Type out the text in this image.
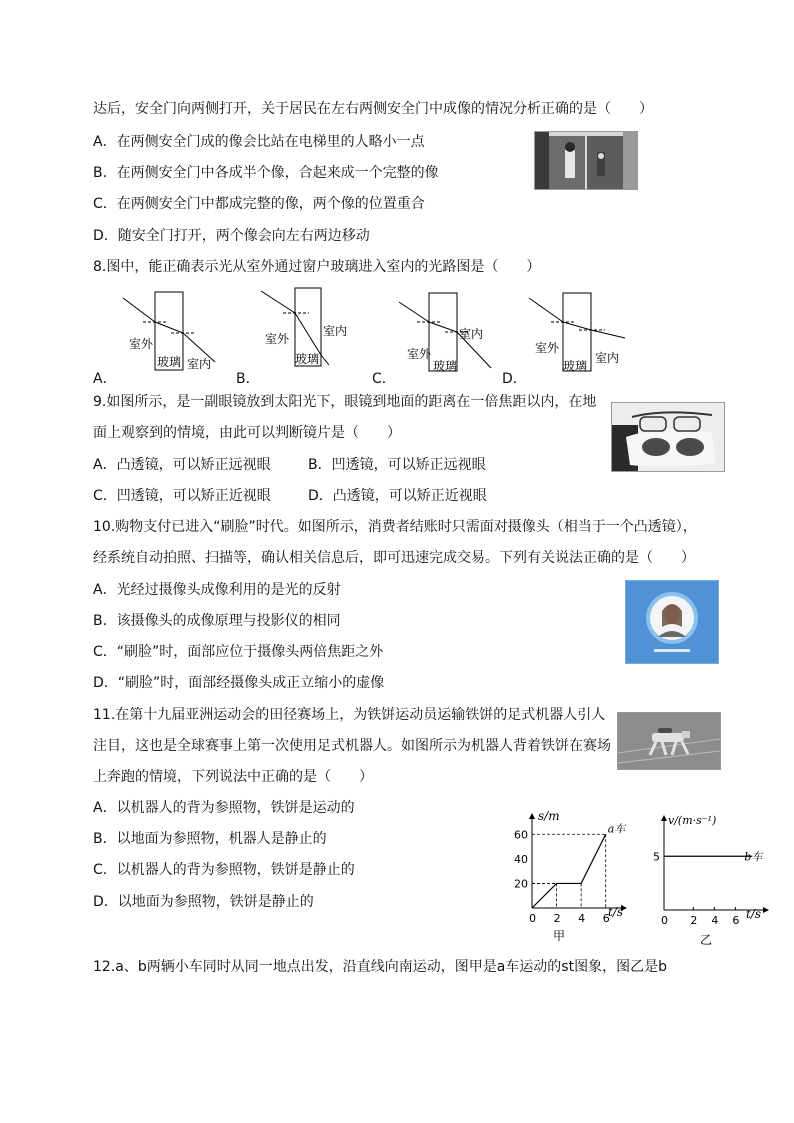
达后，安全门向两侧打开，关于居民在左右两侧安全门中成像的情况分析正确的是（　　）
A．在两侧安全门成的像会比站在电梯里的人略小一点
B．在两侧安全门中各成半个像，合起来成一个完整的像
C．在两侧安全门中都成完整的像，两个像的位置重合
D．随安全门打开，两个像会向左右两边移动
8.图中，能正确表示光从室外通过窗户玻璃进入室内的光路图是（　　）
A．	B．	C．	D．
室外
玻璃 室内
室外
玻璃
室内
室外
玻璃
室内
室外
玻璃
室内
9.如图所示，是一副眼镜放到太阳光下，眼镜到地面的距离在一倍焦距以内，在地
面上观察到的情境，由此可以判断镜片是（　　）
A．凸透镜，可以矫正远视眼	B．凹透镜，可以矫正远视眼
C．凹透镜，可以矫正近视眼	D．凸透镜，可以矫正近视眼
10.购物支付已进入“刷脸”时代。如图所示，消费者结账时只需面对摄像头（相当于一个凸透镜），
经系统自动拍照、扫描等，确认相关信息后，即可迅速完成交易。下列有关说法正确的是（　　）
A．光经过摄像头成像利用的是光的反射
B．该摄像头的成像原理与投影仪的相同
C．“刷脸”时，面部应位于摄像头两倍焦距之外
D．“刷脸”时，面部经摄像头成正立缩小的虚像
11.在第十九届亚洲运动会的田径赛场上，为铁饼运动员运输铁饼的足式机器人引人
注目，这也是全球赛事上第一次使用足式机器人。如图所示为机器人背着铁饼在赛场
上奔跑的情境，下列说法中正确的是（　　）
A．以机器人的背为参照物，铁饼是运动的
B．以地面为参照物，机器人是静止的
C．以机器人的背为参照物，铁饼是静止的
D．以地面为参照物，铁饼是静止的
0 2 4 6
20
40
60
s/m
t/s
a车
甲
0 2 4 6
5
v/(m·s⁻¹)
t/s
b车
乙
12.a、b两辆小车同时从同一地点出发，沿直线向南运动，图甲是a车运动的st图象，图乙是b
